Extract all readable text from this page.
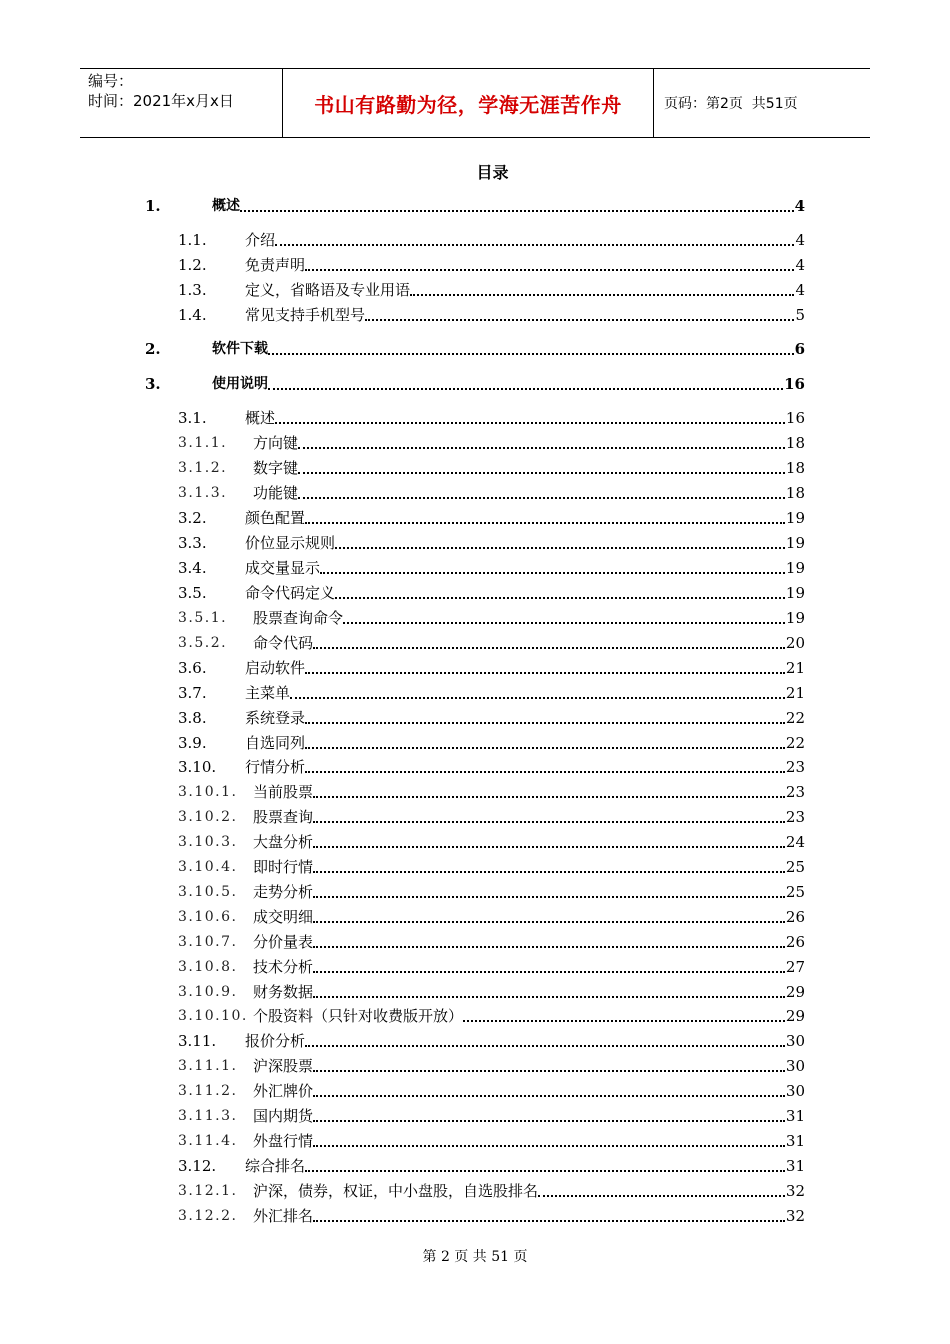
编号：
时间：2021年x月x日	书山有路勤为径，学海无涯苦作舟	页码：第2页  共51页
目录
1.	概述	4
1.1.	介绍	4
1.2.	免责声明	4
1.3.	定义，省略语及专业用语	4
1.4.	常见支持手机型号	5
2.	软件下载	6
3.	使用说明	16
3.1.	概述	16
3.1.1. 方向键	18
3.1.2. 数字键	18
3.1.3. 功能键	18
3.2.	颜色配置	19
3.3.	价位显示规则	19
3.4.	成交量显示	19
3.5.	命令代码定义	19
3.5.1. 股票查询命令	19
3.5.2. 命令代码	20
3.6.	启动软件	21
3.7.	主菜单	21
3.8.	系统登录	22
3.9.	自选同列	22
3.10. 行情分析	23
3.10.1. 当前股票	23
3.10.2. 股票查询	23
3.10.3. 大盘分析	24
3.10.4. 即时行情	25
3.10.5. 走势分析	25
3.10.6. 成交明细	26
3.10.7. 分价量表	26
3.10.8. 技术分析	27
3.10.9. 财务数据	29
3.10.10. 个股资料（只针对收费版开放）	29
3.11. 报价分析	30
3.11.1. 沪深股票	30
3.11.2. 外汇牌价	30
3.11.3. 国内期货	31
3.11.4. 外盘行情	31
3.12. 综合排名	31
3.12.1. 沪深，债券，权证，中小盘股，自选股排名	32
3.12.2. 外汇排名	32
第 2 页 共 51 页
